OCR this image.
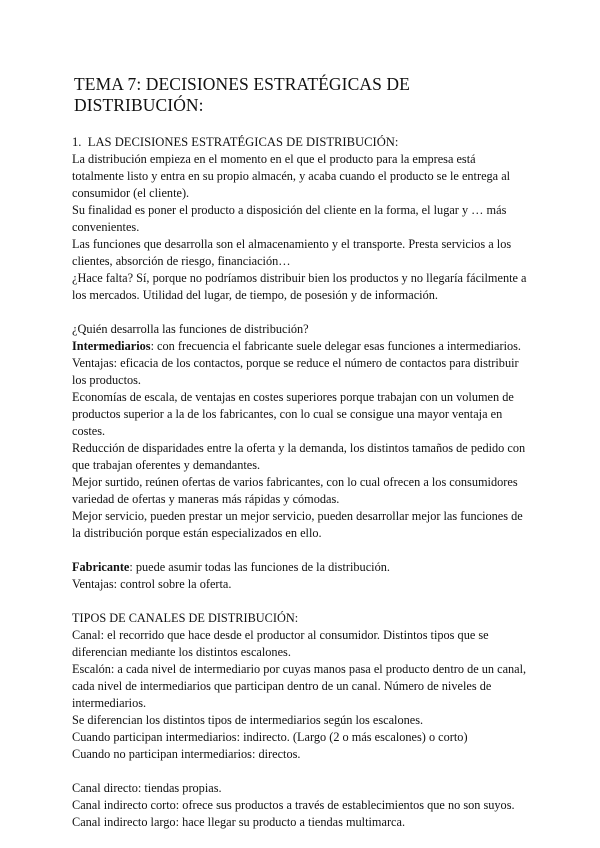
TEMA 7: DECISIONES ESTRATÉGICAS DE DISTRIBUCIÓN:

1. LAS DECISIONES ESTRATÉGICAS DE DISTRIBUCIÓN:

La distribución empieza en el momento en el que el producto para la empresa está totalmente listo y entra en su propio almacén, y acaba cuando el producto se le entrega al consumidor (el cliente).

Su finalidad es poner el producto a disposición del cliente en la forma, el lugar y … más convenientes.

Las funciones que desarrolla son el almacenamiento y el transporte. Presta servicios a los clientes, absorción de riesgo, financiación…

¿Hace falta? Sí, porque no podríamos distribuir bien los productos y no llegaría fácilmente a los mercados. Utilidad del lugar, de tiempo, de posesión y de información.

¿Quién desarrolla las funciones de distribución?

Intermediarios: con frecuencia el fabricante suele delegar esas funciones a intermediarios.

Ventajas: eficacia de los contactos, porque se reduce el número de contactos para distribuir los productos.

Economías de escala, de ventajas en costes superiores porque trabajan con un volumen de productos superior a la de los fabricantes, con lo cual se consigue una mayor ventaja en costes.

Reducción de disparidades entre la oferta y la demanda, los distintos tamaños de pedido con que trabajan oferentes y demandantes.

Mejor surtido, reúnen ofertas de varios fabricantes, con lo cual ofrecen a los consumidores variedad de ofertas y maneras más rápidas y cómodas.

Mejor servicio, pueden prestar un mejor servicio, pueden desarrollar mejor las funciones de la distribución porque están especializados en ello.

Fabricante: puede asumir todas las funciones de la distribución.

Ventajas: control sobre la oferta.

TIPOS DE CANALES DE DISTRIBUCIÓN:

Canal: el recorrido que hace desde el productor al consumidor. Distintos tipos que se diferencian mediante los distintos escalones.

Escalón: a cada nivel de intermediario por cuyas manos pasa el producto dentro de un canal, cada nivel de intermediarios que participan dentro de un canal. Número de niveles de intermediarios.

Se diferencian los distintos tipos de intermediarios según los escalones.

Cuando participan intermediarios: indirecto. (Largo (2 o más escalones) o corto)

Cuando no participan intermediarios: directos.

Canal directo: tiendas propias.

Canal indirecto corto: ofrece sus productos a través de establecimientos que no son suyos.

Canal indirecto largo: hace llegar su producto a tiendas multimarca.
